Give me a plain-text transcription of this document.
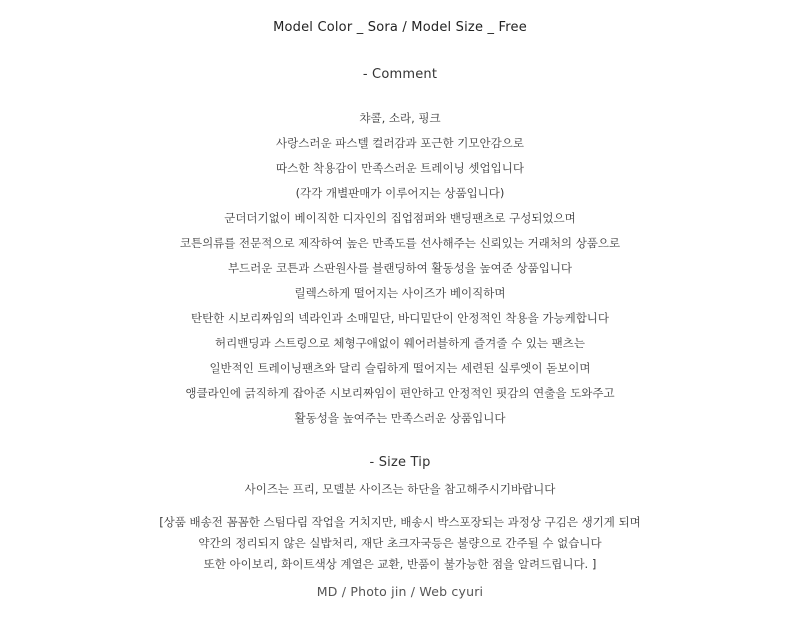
Model Color _ Sora / Model Size _ Free
- Comment
챠콜, 소라, 핑크
사랑스러운 파스텔 컬러감과 포근한 기모안감으로
따스한 착용감이 만족스러운 트레이닝 셋업입니다
(각각 개별판매가 이루어지는 상품입니다)
군더더기없이 베이직한 디자인의 집업점퍼와 밴딩팬츠로 구성되었으며
코튼의류를 전문적으로 제작하여 높은 만족도를 선사해주는 신뢰있는 거래처의 상품으로
부드러운 코튼과 스판원사를 블랜딩하여 활동성을 높여준 상품입니다
릴렉스하게 떨어지는 사이즈가 베이직하며
탄탄한 시보리짜임의 넥라인과 소매밑단, 바디밑단이 안정적인 착용을 가능케합니다
허리밴딩과 스트링으로 체형구애없이 웨어러블하게 즐겨줄 수 있는 팬츠는
일반적인 트레이닝팬츠와 달리 슬림하게 떨어지는 세련된 실루엣이 돋보이며
앵클라인에 긁직하게 잡아준 시보리짜임이 편안하고 안정적인 핏감의 연출을 도와주고
활동성을 높여주는 만족스러운 상품입니다
- Size Tip
사이즈는 프리, 모델분 사이즈는 하단을 참고해주시기바랍니다
[상품 배송전 꼼꼼한 스팀다림 작업을 거치지만, 배송시 박스포장되는 과정상 구김은 생기게 되며
약간의 정리되지 않은 실밥처리, 재단 초크자국등은 불량으로 간주될 수 없습니다
또한 아이보리, 화이트색상 계열은 교환, 반품이 불가능한 점을 알려드립니다. ]
MD / Photo jin / Web cyuri
